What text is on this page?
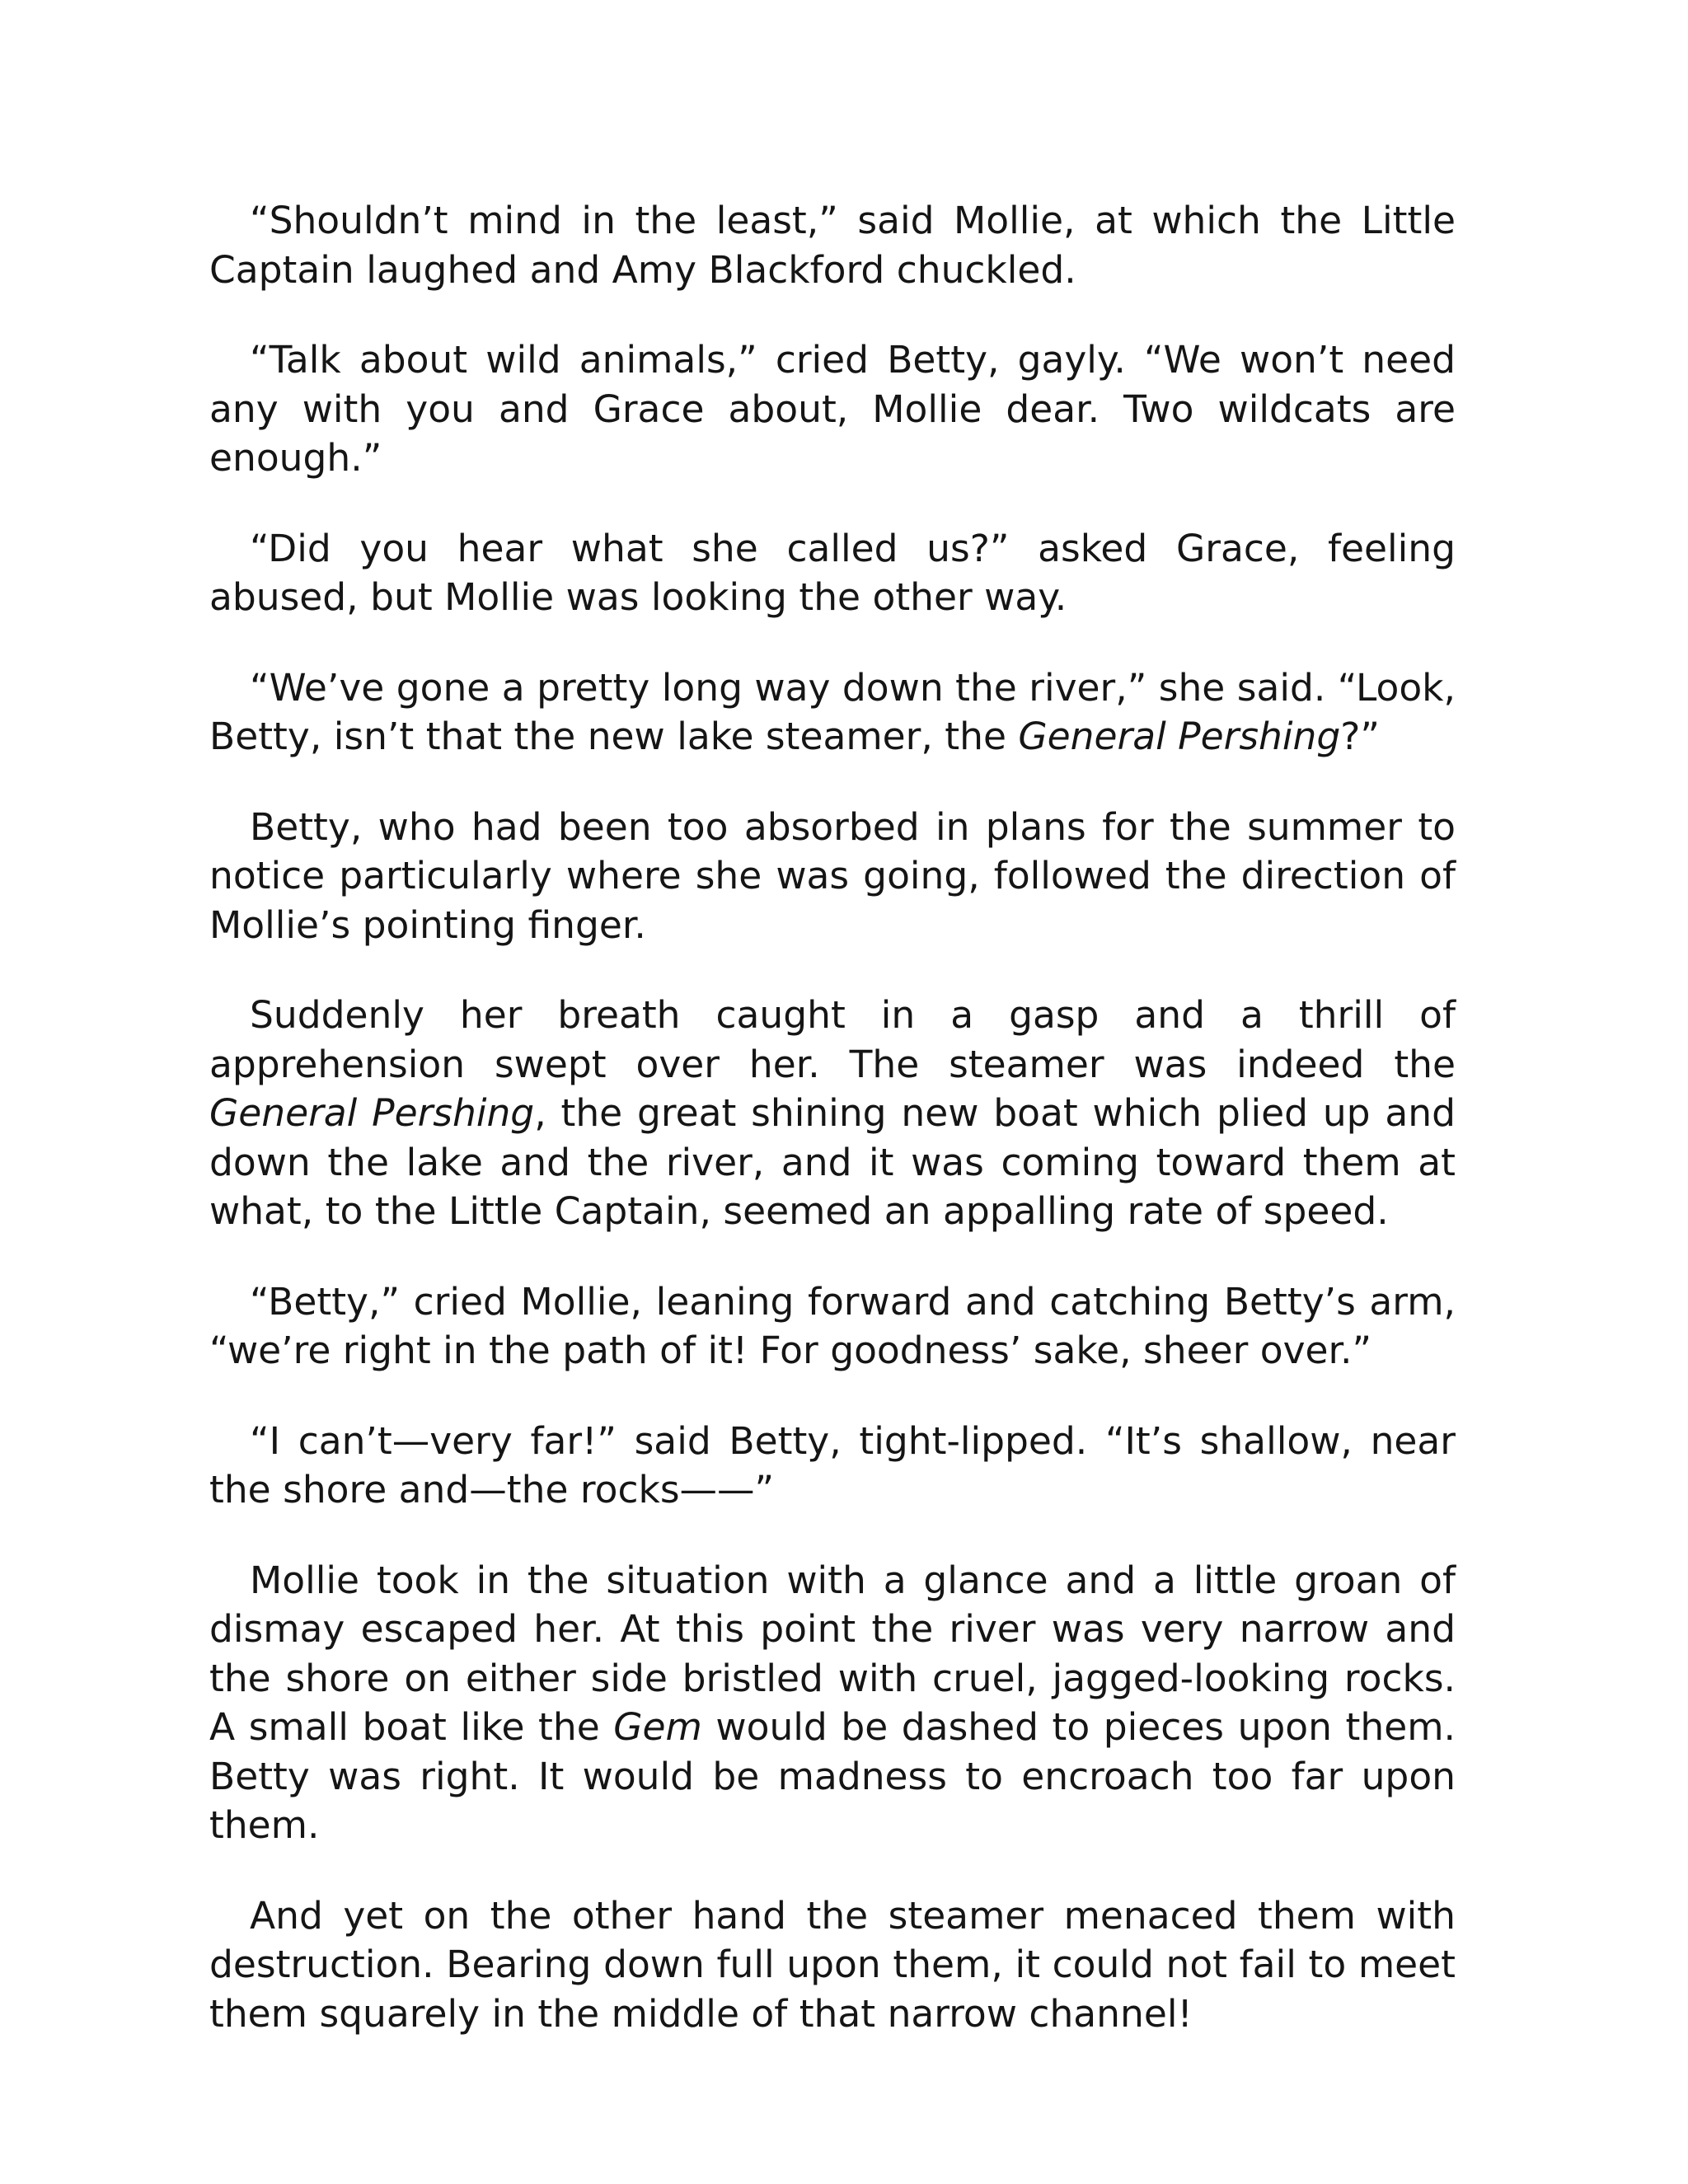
“Shouldn’t mind in the least,” said Mollie, at which the Little Captain laughed and Amy Blackford chuckled.

“Talk about wild animals,” cried Betty, gayly. “We won’t need any with you and Grace about, Mollie dear. Two wildcats are enough.”

“Did you hear what she called us?” asked Grace, feeling abused, but Mollie was looking the other way.

“We’ve gone a pretty long way down the river,” she said. “Look, Betty, isn’t that the new lake steamer, the General Pershing?”

Betty, who had been too absorbed in plans for the summer to notice particularly where she was going, followed the direction of Mollie’s pointing finger.

Suddenly her breath caught in a gasp and a thrill of apprehension swept over her. The steamer was indeed the General Pershing, the great shining new boat which plied up and down the lake and the river, and it was coming toward them at what, to the Little Captain, seemed an appalling rate of speed.

“Betty,” cried Mollie, leaning forward and catching Betty’s arm, “we’re right in the path of it! For goodness’ sake, sheer over.”

“I can’t—very far!” said Betty, tight-lipped. “It’s shallow, near the shore and—the rocks——”

Mollie took in the situation with a glance and a little groan of dismay escaped her. At this point the river was very narrow and the shore on either side bristled with cruel, jagged-looking rocks. A small boat like the Gem would be dashed to pieces upon them. Betty was right. It would be madness to encroach too far upon them.

And yet on the other hand the steamer menaced them with destruction. Bearing down full upon them, it could not fail to meet them squarely in the middle of that narrow channel!
